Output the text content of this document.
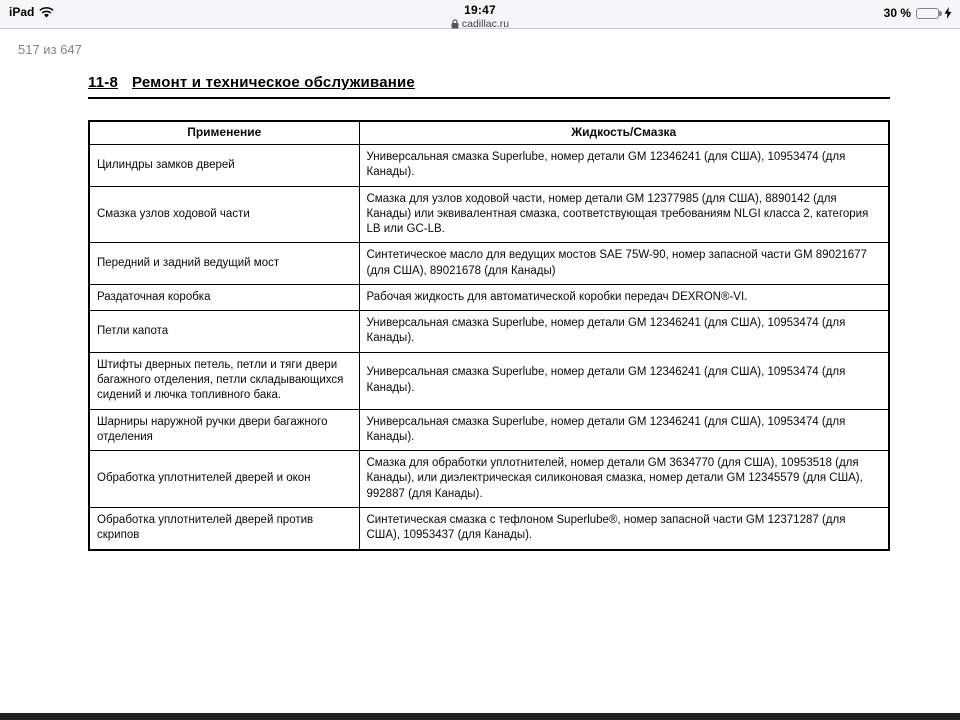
iPad	19:47
cadillac.ru
30 %
517 из 647
11-8 Ремонт и техническое обслуживание
Применение	Жидкость/Смазка
Цилиндры замков дверей	Универсальная смазка Superlube, номер детали GM 12346241 (для США), 10953474 (для Канады).
Смазка узлов ходовой части	Смазка для узлов ходовой части, номер детали GM 12377985 (для США), 8890142 (для Канады) или эквивалентная смазка, соответствующая требованиям NLGI класса 2, категория LB или GC-LB.
Передний и задний ведущий мост	Синтетическое масло для ведущих мостов SAE 75W-90, номер запасной части GM 89021677 (для США), 89021678 (для Канады)
Раздаточная коробка	Рабочая жидкость для автоматической коробки передач DEXRON®-VI.
Петли капота	Универсальная смазка Superlube, номер детали GM 12346241 (для США), 10953474 (для Канады).
Штифты дверных петель, петли и тяги двери багажного отделения, петли складывающихся сидений и лючка топливного бака.	Универсальная смазка Superlube, номер детали GM 12346241 (для США), 10953474 (для Канады).
Шарниры наружной ручки двери багажного отделения	Универсальная смазка Superlube, номер детали GM 12346241 (для США), 10953474 (для Канады).
Обработка уплотнителей дверей и окон	Смазка для обработки уплотнителей, номер детали GM 3634770 (для США), 10953518 (для Канады), или диэлектрическая силиконовая смазка, номер детали GM 12345579 (для США), 992887 (для Канады).
Обработка уплотнителей дверей против скрипов	Синтетическая смазка с тефлоном Superlube®, номер запасной части GM 12371287 (для США), 10953437 (для Канады).
